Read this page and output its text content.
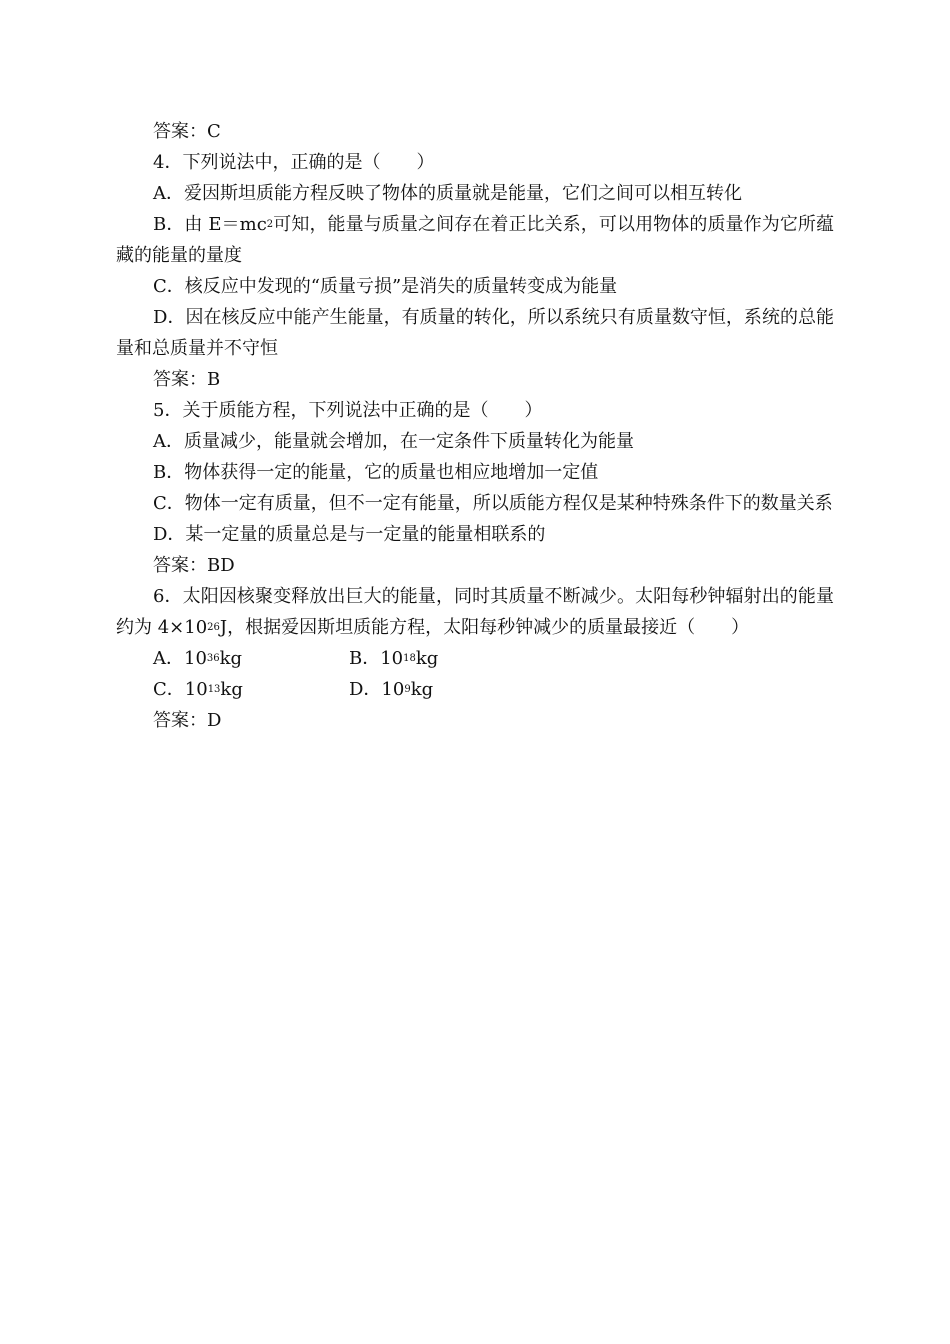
答案：C
4．下列说法中，正确的是（　　）
A．爱因斯坦质能方程反映了物体的质量就是能量，它们之间可以相互转化
B．由 $E=mc^2$可知，能量与质量之间存在着正比关系，可以用物体的质量作为它所蕴藏的能量的量度
C．核反应中发现的“质量亏损”是消失的质量转变成为能量
D．因在核反应中能产生能量，有质量的转化，所以系统只有质量数守恒，系统的总能量和总质量并不守恒
答案：B
5．关于质能方程，下列说法中正确的是（　　）
A．质量减少，能量就会增加，在一定条件下质量转化为能量
B．物体获得一定的能量，它的质量也相应地增加一定值
C．物体一定有质量，但不一定有能量，所以质能方程仅是某种特殊条件下的数量关系
D．某一定量的质量总是与一定量的能量相联系的
答案：BD
6．太阳因核聚变释放出巨大的能量，同时其质量不断减少。太阳每秒钟辐射出的能量约为 $4\times 10^{26}J$，根据爱因斯坦质能方程，太阳每秒钟减少的质量最接近（　　）
A．$10^{36}kg$	B．$10^{18}kg$
C．$10^{13}kg$	D．$10^9kg$
答案：D
